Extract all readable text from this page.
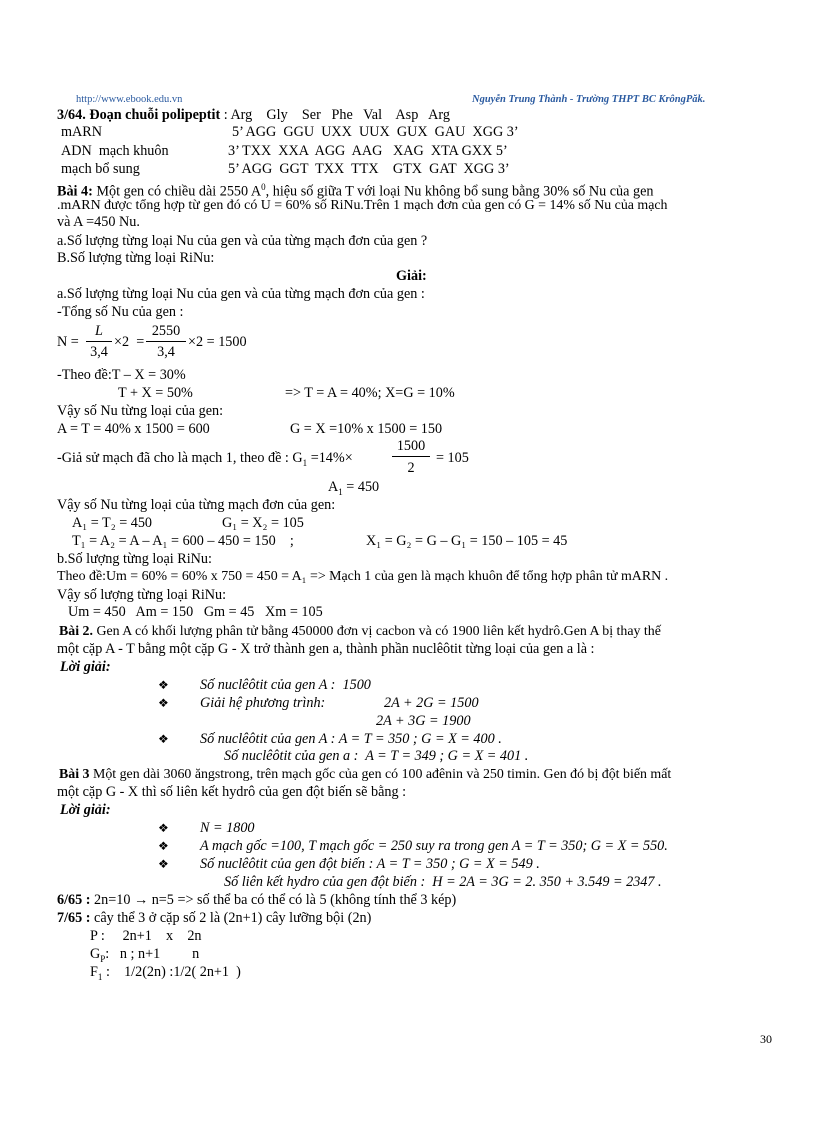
http://www.ebook.edu.vn	Nguyễn Trung Thành - Trường THPT BC KrôngPăk.
3/64. Đoạn chuỗi polipeptit : Arg    Gly    Ser   Phe   Val    Asp   Arg
mARN	5’ AGG  GGU  UXX  UUX  GUX  GAU  XGG 3’
ADN  mạch khuôn	3’ TXX  XXA  AGG  AAG   XAG  XTA GXX 5’
mạch bổ sung	5’ AGG  GGT  TXX  TTX    GTX  GAT  XGG 3’
Bài 4: Một gen có chiều dài 2550 $A^0$, hiệu số giữa T với loại Nu không bổ sung bằng 30% số Nu của gen
.mARN được tổng hợp từ gen đó có U = 60% số RiNu.Trên 1 mạch đơn của gen có G = 14% số Nu của mạch
và A =450 Nu.
a.Số lượng từng loại Nu của gen và của từng mạch đơn của gen ?
B.Số lượng từng loại RiNu:
Giải:
a.Số lượng từng loại Nu của gen và của từng mạch đơn của gen :
-Tổng số Nu của gen :
N =
L
3,4
×2  =
2550
3,4
×2 = 1500
-Theo đề:T – X = 30%
T + X = 50%	=> T = A = 40%; X=G = 10%
Vậy số Nu từng loại của gen:
A = T = 40% x 1500 = 600	G = X =10% x 1500 = 150
-Giả sử mạch đã cho là mạch 1, theo đề : $G_1 =14\%\times$
1500
2
= 105
$A_1 = 450$
Vậy số Nu từng loại của từng mạch đơn của gen:
A₁ = T₂ = 450	G₁ = X₂ = 105
T₁ = A₂ = A – A₁ = 600 – 450 = 150    ;	X₁ = G₂ = G – G₁ = 150 – 105 = 45
b.Số lượng từng loại RiNu:
Theo đề:Um = 60% = 60% x 750 = 450 = A₁ => Mạch 1 của gen là mạch khuôn để tổng hợp phân tử mARN .
Vậy số lượng từng loại RiNu:
Um = 450   Am = 150   Gm = 45   Xm = 105
Bài 2. Gen A có khối lượng phân tử bằng 450000 đơn vị cacbon và có 1900 liên kết hydrô.Gen A bị thay thế
một cặp A - T bằng một cặp G - X trở thành gen a, thành phần nuclêôtit từng loại của gen a là :
Lời giải:
❖ Số nuclêôtit của gen A :  1500
❖ Giải hệ phương trình:	2A + 2G = 1500
2A + 3G = 1900
❖ Số nuclêôtit của gen A : A = T = 350 ; G = X = 400 .
Số nuclêôtit của gen a :  A = T = 349 ; G = X = 401 .
Bài 3 Một gen dài 3060 ăngstrong, trên mạch gốc của gen có 100 ađênin và 250 timin. Gen đó bị đột biến mất
một cặp G - X thì số liên kết hydrô của gen đột biến sẽ bằng :
Lời giải:
❖ N = 1800
❖ A mạch gốc =100, T mạch gốc = 250 suy ra trong gen A = T = 350; G = X = 550.
❖ Số nuclêôtit của gen đột biến : A = T = 350 ; G = X = 549 .
Số liên kết hydro của gen đột biến :  H = 2A = 3G = 2. 350 + 3.549 = 2347 .
6/65 : 2n=10 → n=5 => số thể ba có thể có là 5 (không tính thể 3 kép)
7/65 : cây thể 3 ở cặp số 2 là (2n+1) cây lưỡng bội (2n)
P :     2n+1    x    2n
$G_P$:   n ; n+1         n
$F_1$ :    1/2(2n) :1/2( 2n+1  )
30
